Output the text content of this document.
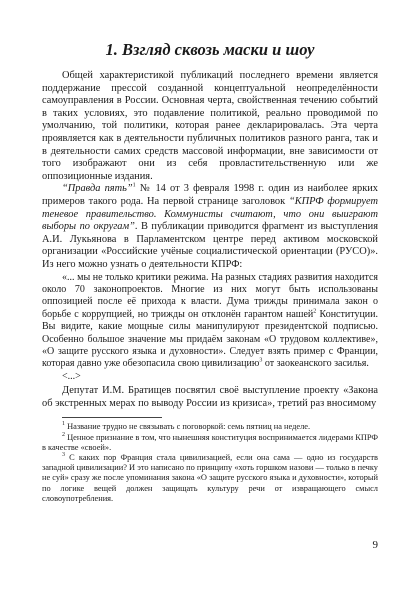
1. Взгляд сквозь маски и шоу

Общей характеристикой публикаций последнего времени является поддержание прессой созданной концептуальной неопределённости самоуправления в России. Основная черта, свойственная течению событий в таких условиях, это подавление политикой, реально проводимой по умолчанию, той политики, которая ранее декларировалась. Эта черта проявляется как в деятельности публичных политиков разного ранга, так и в деятельности самих средств массовой информации, вне зависимости от того изображают они из себя провластительственную или же оппозиционные издания.

“Правда пять”$^1$ № 14 от 3 февраля 1998 г. один из наиболее ярких примеров такого рода. На первой странице заголовок “КПРФ формирует теневое правительство. Коммунисты считают, что они выиграют выборы по округам”. В публикации приводится фрагмент из выступления А.И. Лукьянова в Парламентском центре перед активом московской организации «Российские учёные социалистической ориентации (РУСО)». Из него можно узнать о деятельности КПРФ:

«... мы не только критики режима. На разных стадиях развития находится около 70 законопроектов. Многие из них могут быть использованы оппозицией после её прихода к власти. Дума трижды принимала закон о борьбе с коррупцией, но трижды он отклонён гарантом нашей$^2$ Конституции. Вы видите, какие мощные силы манипулируют президентской подписью. Особенно большое значение мы придаём законам «О трудовом коллективе», «О защите русского языка и духовности». Следует взять пример с Франции, которая давно уже обезопасила свою цивилизацию$^3$ от заокеанского засилья.

<...>

Депутат И.М. Братищев посвятил своё выступление проекту «Закона об экстренных мерах по выводу России из кризиса», третий раз вносимому

$^1$ Название трудно не связывать с поговоркой: семь пятниц на неделе.

$^2$ Ценное признание в том, что нынешняя конституция воспринимается лидерами КПРФ в качестве «своей».

$^3$ С каких пор Франция стала цивилизацией, если она сама — одно из государств западной цивилизации? И это написано по принципу «хоть горшком назови — только в печку не суй» сразу же после упоминания закона «О защите русского языка и духовности», который по логике вещей должен защищать культуру речи от извращающего смысл словоупотребления.

9
